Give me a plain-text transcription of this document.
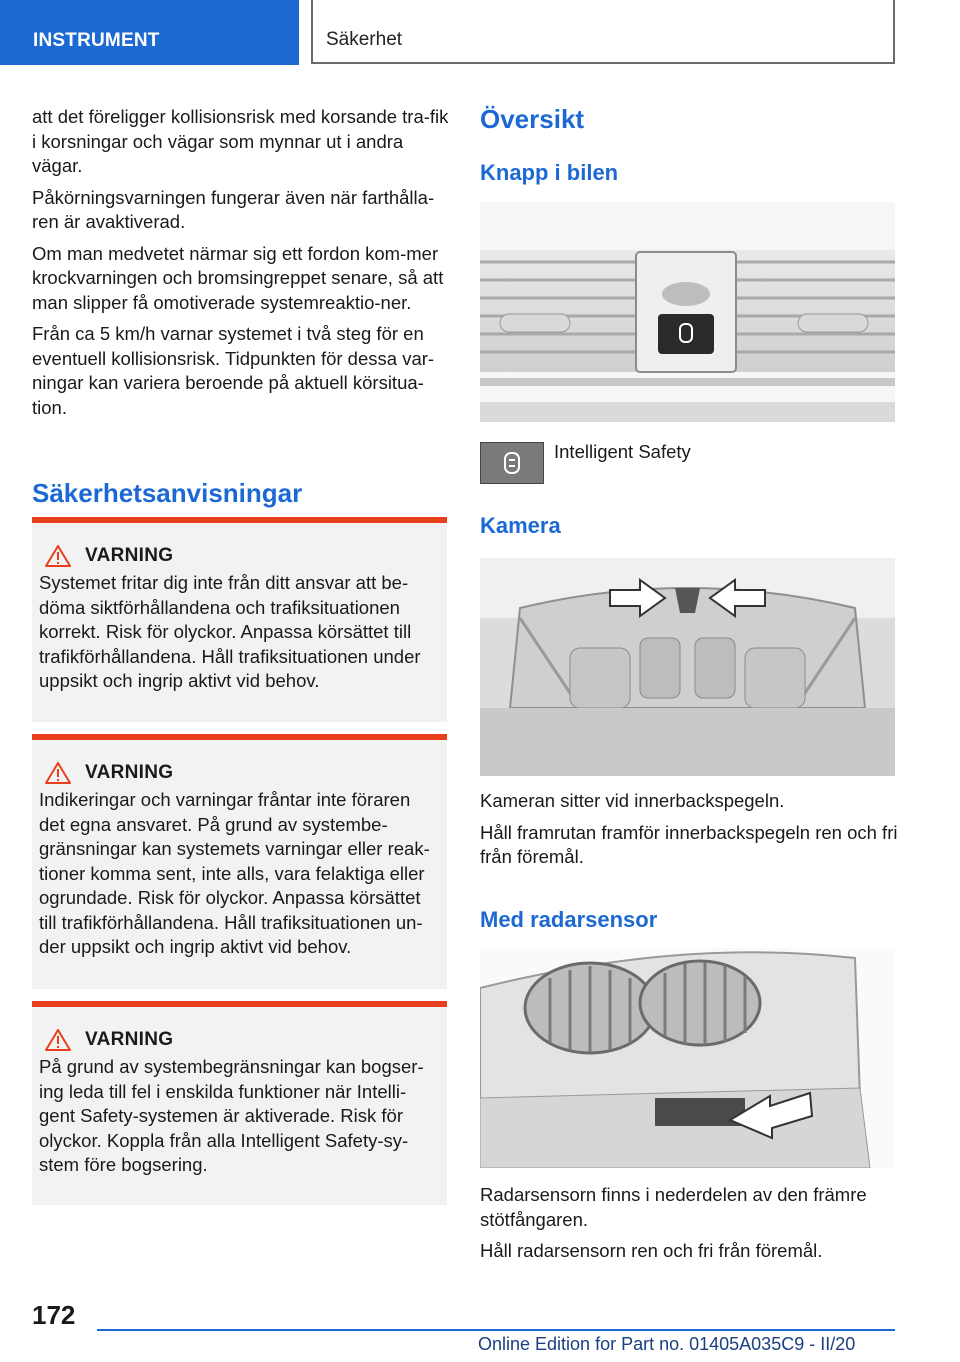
INSTRUMENT	Säkerhet

att det föreligger kollisionsrisk med korsande tra-fik i korsningar och vägar som mynnar ut i andra vägar.

Påkörningsvarningen fungerar även när farthålla-ren är avaktiverad.

Om man medvetet närmar sig ett fordon kom-mer krockvarningen och bromsingreppet senare, så att man slipper få omotiverade systemreaktio-ner.

Från ca 5 km/h varnar systemet i två steg för en eventuell kollisionsrisk. Tidpunkten för dessa var-ningar kan variera beroende på aktuell körsitua-tion.

Säkerhetsanvisningar
VARNING
Systemet fritar dig inte från ditt ansvar att be-döma siktförhållandena och trafiksituationen korrekt. Risk för olyckor. Anpassa körsättet till trafikförhållandena. Håll trafiksituationen under uppsikt och ingrip aktivt vid behov.
VARNING
Indikeringar och varningar fråntar inte föraren det egna ansvaret. På grund av systembe-gränsningar kan systemets varningar eller reak-tioner komma sent, inte alls, vara felaktiga eller ogrundade. Risk för olyckor. Anpassa körsättet till trafikförhållandena. Håll trafiksituationen un-der uppsikt och ingrip aktivt vid behov.
VARNING
På grund av systembegränsningar kan bogser-ing leda till fel i enskilda funktioner när Intelli-gent Safety-systemen är aktiverade. Risk för olyckor. Koppla från alla Intelligent Safety-sy-stem före bogsering.
Översikt
Knapp i bilen
Intelligent Safety
Kamera

Kameran sitter vid innerbackspegeln.

Håll framrutan framför innerbackspegeln ren och fri från föremål.

Med radarsensor

Radarsensorn finns i nederdelen av den främre stötfångaren.

Håll radarsensorn ren och fri från föremål.

172
Online Edition for Part no. 01405A035C9 - II/20
